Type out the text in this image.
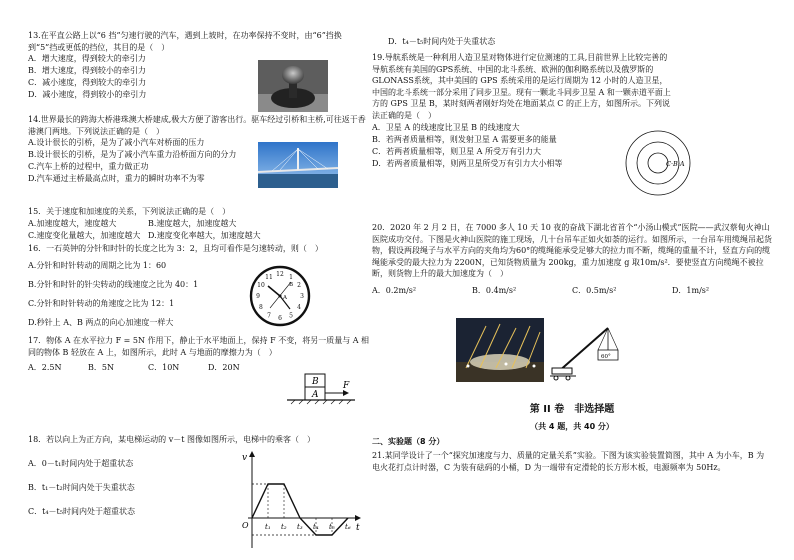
13.在平直公路上以“6 挡”匀速行驶的汽车，遇到上坡时，在功率保持不变时，由“6”挡换到“5”挡或更低的挡位，其目的是（　）

A．增大速度，得到较大的牵引力

B．增大速度，得到较小的牵引力

C．减小速度，得到较大的牵引力

D．减小速度，得到较小的牵引力

14.世界最长的跨海大桥港珠澳大桥建成,极大方便了游客出行。驱车经过引桥和主桥,可往返于香港澳门两地。下列说法正确的是（　）

A.设计很长的引桥，是为了减小汽车对桥面的压力

B.设计很长的引桥，是为了减小汽车重力沿桥面方向的分力

C.汽车上桥的过程中，重力做正功

D.汽车通过主桥最高点时，重力的瞬时功率不为零

15．关于速度和加速度的关系，下列说法正确的是（　）

A.加速度越大，速度越大	B.速度越大，加速度越大

C.速度变化量越大，加速度越大 D.速度变化率越大，加速度越大

16．一石英钟的分针和时针的长度之比为 3：2，且均可看作是匀速转动，则（　）

A.分针和时针转动的周期之比为 1：60

B.分针和时针的针尖转动的线速度之比为 40：1

C.分针和时针转动的角速度之比为 12：1

D.秒针上 A、B 两点的向心加速度一样大

12 1
2
3
4
5
6
7
8
9
10
11
A
B

17．物体 A 在水平拉力 F = 5N 作用下，静止于水平地面上，保持 F 不变，将另一质量与 A 相同的物体 B 轻放在 A 上，如图所示，此时 A 与地面的摩擦力为（　）

A．2.5N	B．5N	C．10N	D．20N

B
A
F

18．若以向上为正方向，某电梯运动的 v－t 图像如图所示，电梯中的乘客（　）

A．0－t₁时间内处于超重状态

B．t₁－t₂时间内处于失重状态

C．t₄－t₅时间内处于超重状态

v
t
O t₁ t₂ t₃ t₄ t₅ t₆

D．t₄－t₅时间内处于失重状态

19.导航系统是一种利用人造卫星对物体进行定位测速的工具,目前世界上比较完善的导航系统有美国的GPS系统、中国的北斗系统、欧洲的伽利略系统以及俄罗斯的GLONASS系统，其中美国的 GPS 系统采用的是运行周期为 12 小时的人造卫星，中国的北斗系统一部分采用了同步卫星。现有一颗北斗同步卫星 A 和一颗赤道平面上方的 GPS 卫星 B，某时刻两者刚好均处在地面某点 C 的正上方，如图所示。下列说法正确的是（　）

A．卫星 A 的线速度比卫星 B 的线速度大

B．若两者质量相等，则发射卫星 A 需要更多的能量

C．若两者质量相等，则卫星 A 所受万有引力大

D．若两者质量相等，则两卫星所受万有引力大小相等	C·B·A

20．2020 年 2 月 2 日，在 7000 多人 10 天 10 夜的奋战下湖北省首个“小汤山模式”医院——武汉蔡甸火神山医院成功交付。下图是火神山医院的施工现场，几十台吊车正如火如荼的运行。如图所示，一台吊车用缆绳吊起货物，假设两段绳子与水平方向的夹角均为60°的缆绳能承受足够大的拉力而不断，缆绳的重量不计，竖直方向的缆绳能承受的最大拉力为 2200N，已知货物质量为 200kg，重力加速度 g 取10m/s²．要使竖直方向缆绳不被拉断，则货物上升的最大加速度为（　）

A．0.2m/s²	B．0.4m/s²	C．0.5m/s²	D．1m/s²

60°
第 II 卷　非选择题
（共 4 题，共 40 分）
二、实验题（8 分）

21.某同学设计了一个“探究加速度与力、质量的定量关系”实验。下图为该实验装置简图，其中 A 为小车，B 为电火花打点计时器，C 为装有砝码的小桶，D 为一端带有定滑轮的长方形木板，电源频率为 50Hz。
